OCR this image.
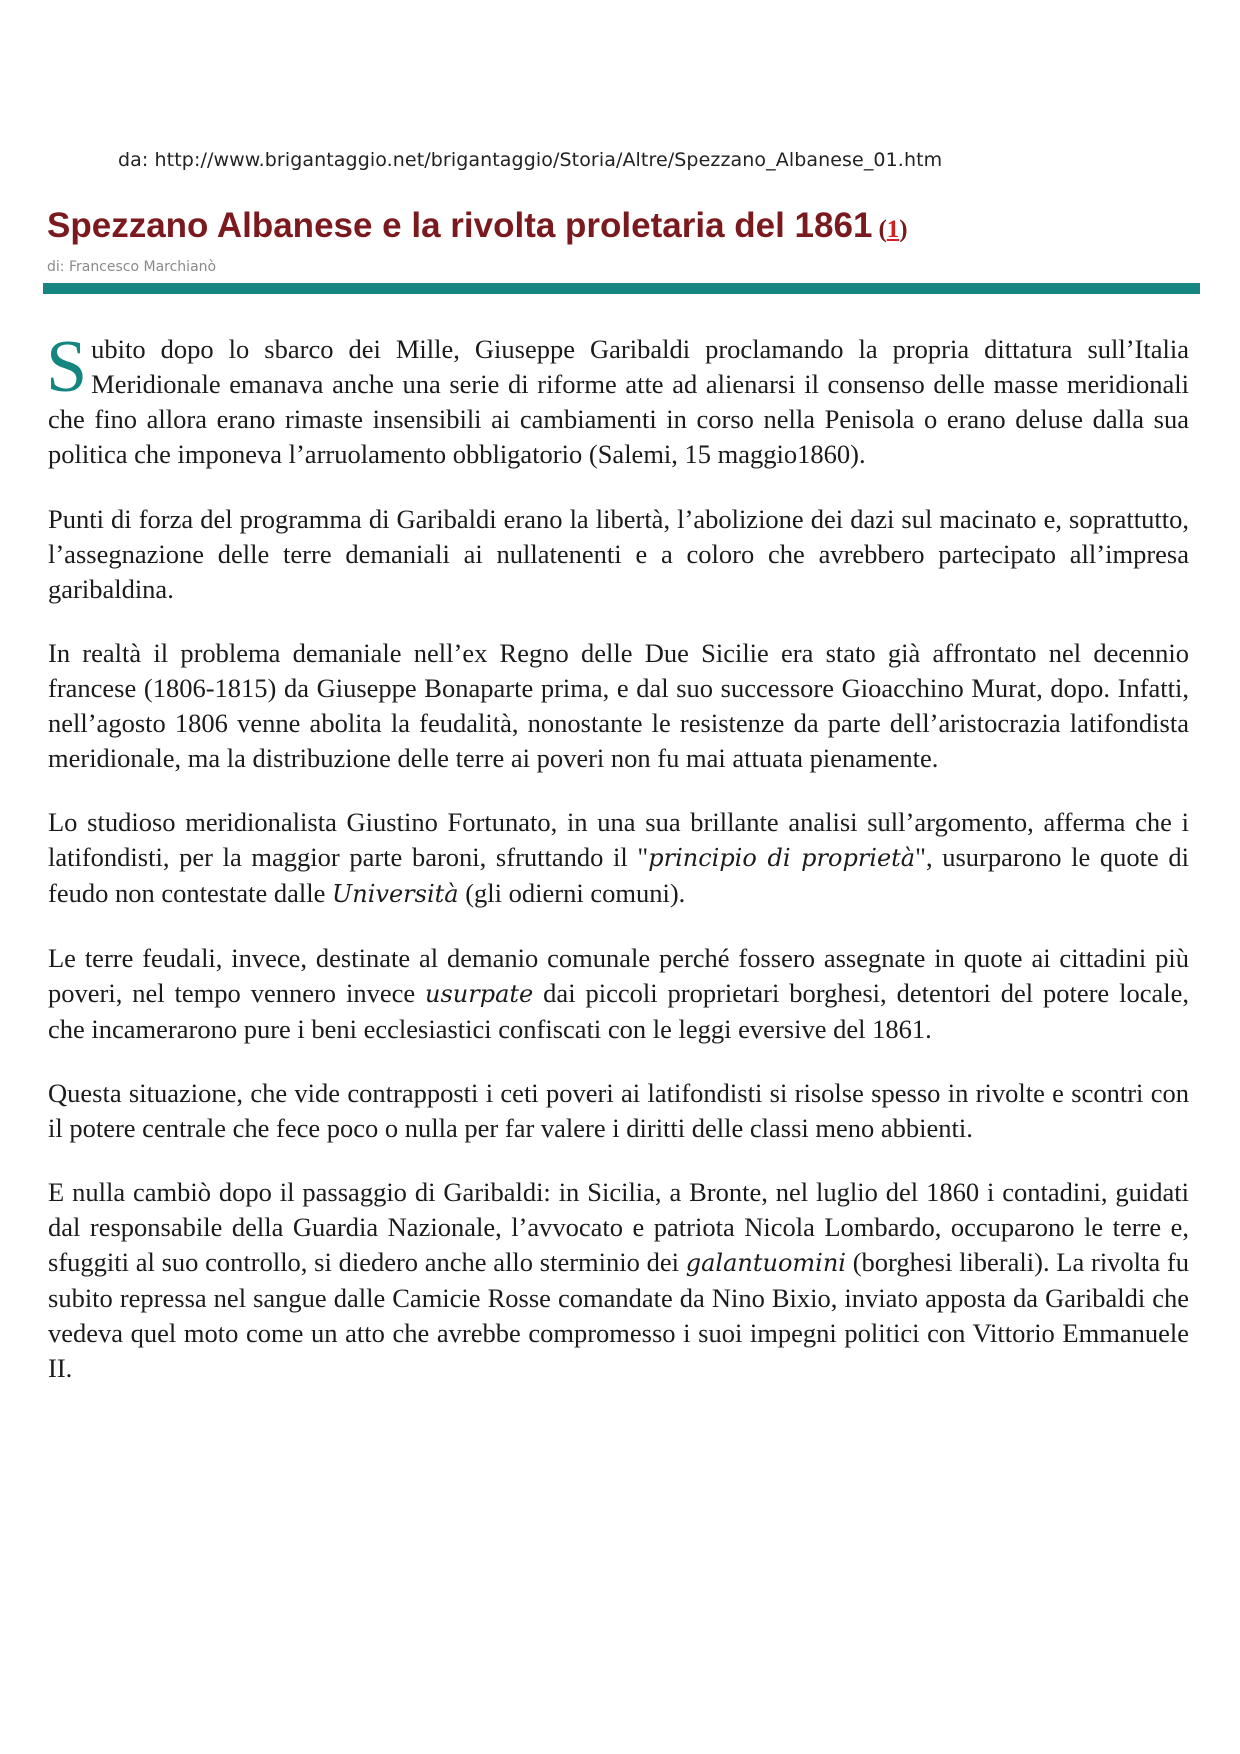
da: http://www.brigantaggio.net/brigantaggio/Storia/Altre/Spezzano_Albanese_01.htm
Spezzano Albanese e la rivolta proletaria del 1861 (1)
di: Francesco Marchianò

Subito dopo lo sbarco dei Mille, Giuseppe Garibaldi proclamando la propria dittatura sull’Italia Meridionale emanava anche una serie di riforme atte ad alienarsi il consenso delle masse meridionali che fino allora erano rimaste insensibili ai cambiamenti in corso nella Penisola o erano deluse dalla sua politica che imponeva l’arruolamento obbligatorio (Salemi, 15 maggio1860).

Punti di forza del programma di Garibaldi erano la libertà, l’abolizione dei dazi sul macinato e, soprattutto, l’assegnazione delle terre demaniali ai nullatenenti e a coloro che avrebbero partecipato all’impresa garibaldina.

In realtà il problema demaniale nell’ex Regno delle Due Sicilie era stato già affrontato nel decennio francese (1806-1815) da Giuseppe Bonaparte prima, e dal suo successore Gioacchino Murat, dopo. Infatti, nell’agosto 1806 venne abolita la feudalità, nonostante le resistenze da parte dell’aristocrazia latifondista meridionale, ma la distribuzione delle terre ai poveri non fu mai attuata pienamente.

Lo studioso meridionalista Giustino Fortunato, in una sua brillante analisi sull’argomento, afferma che i latifondisti, per la maggior parte baroni, sfruttando il "principio di proprietà", usurparono le quote di feudo non contestate dalle Università (gli odierni comuni).

Le terre feudali, invece, destinate al demanio comunale perché fossero assegnate in quote ai cittadini più poveri, nel tempo vennero invece usurpate dai piccoli proprietari borghesi, detentori del potere locale, che incamerarono pure i beni ecclesiastici confiscati con le leggi eversive del 1861.

Questa situazione, che vide contrapposti i ceti poveri ai latifondisti si risolse spesso in rivolte e scontri con il potere centrale che fece poco o nulla per far valere i diritti delle classi meno abbienti.

E nulla cambiò dopo il passaggio di Garibaldi: in Sicilia, a Bronte, nel luglio del 1860 i contadini, guidati dal responsabile della Guardia Nazionale, l’avvocato e patriota Nicola Lombardo, occuparono le terre e, sfuggiti al suo controllo, si diedero anche allo sterminio dei galantuomini (borghesi liberali). La rivolta fu subito repressa nel sangue dalle Camicie Rosse comandate da Nino Bixio, inviato apposta da Garibaldi che vedeva quel moto come un atto che avrebbe compromesso i suoi impegni politici con Vittorio Emmanuele II.
